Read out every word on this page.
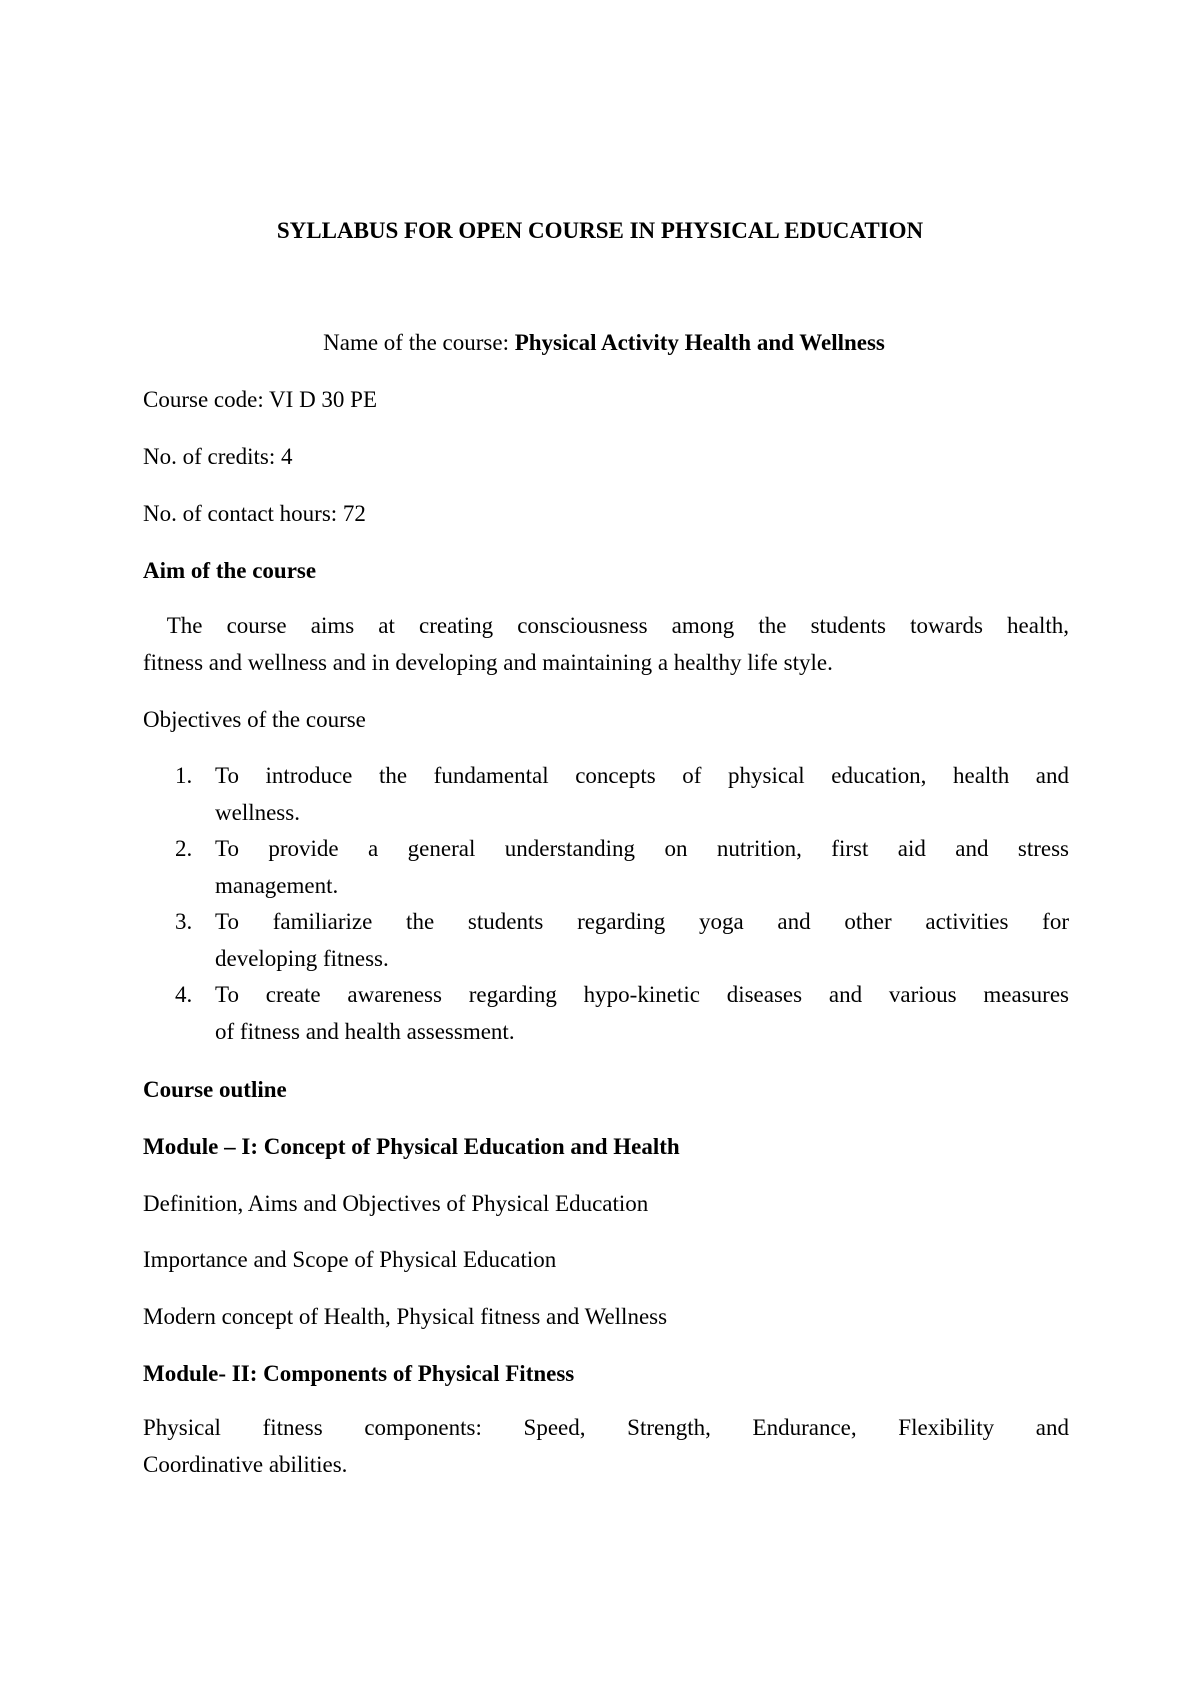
SYLLABUS FOR OPEN COURSE IN PHYSICAL EDUCATION
Name of the course: Physical Activity Health and Wellness
Course code: VI D 30 PE
No. of credits: 4
No. of contact hours: 72
Aim of the course
The course aims at creating consciousness among the students towards health,
fitness and wellness and in developing and maintaining a healthy life style.
Objectives of the course
1. To introduce the fundamental concepts of physical education, health and
wellness.
2. To provide a general understanding on nutrition, first aid and stress
management.
3. To familiarize the students regarding yoga and other activities for
developing fitness.
4. To create awareness regarding hypo-kinetic diseases and various measures
of fitness and health assessment.
Course outline
Module – I: Concept of Physical Education and Health
Definition, Aims and Objectives of Physical Education
Importance and Scope of Physical Education
Modern concept of Health, Physical fitness and Wellness
Module- II: Components of Physical Fitness
Physical fitness components: Speed, Strength, Endurance, Flexibility and
Coordinative abilities.
